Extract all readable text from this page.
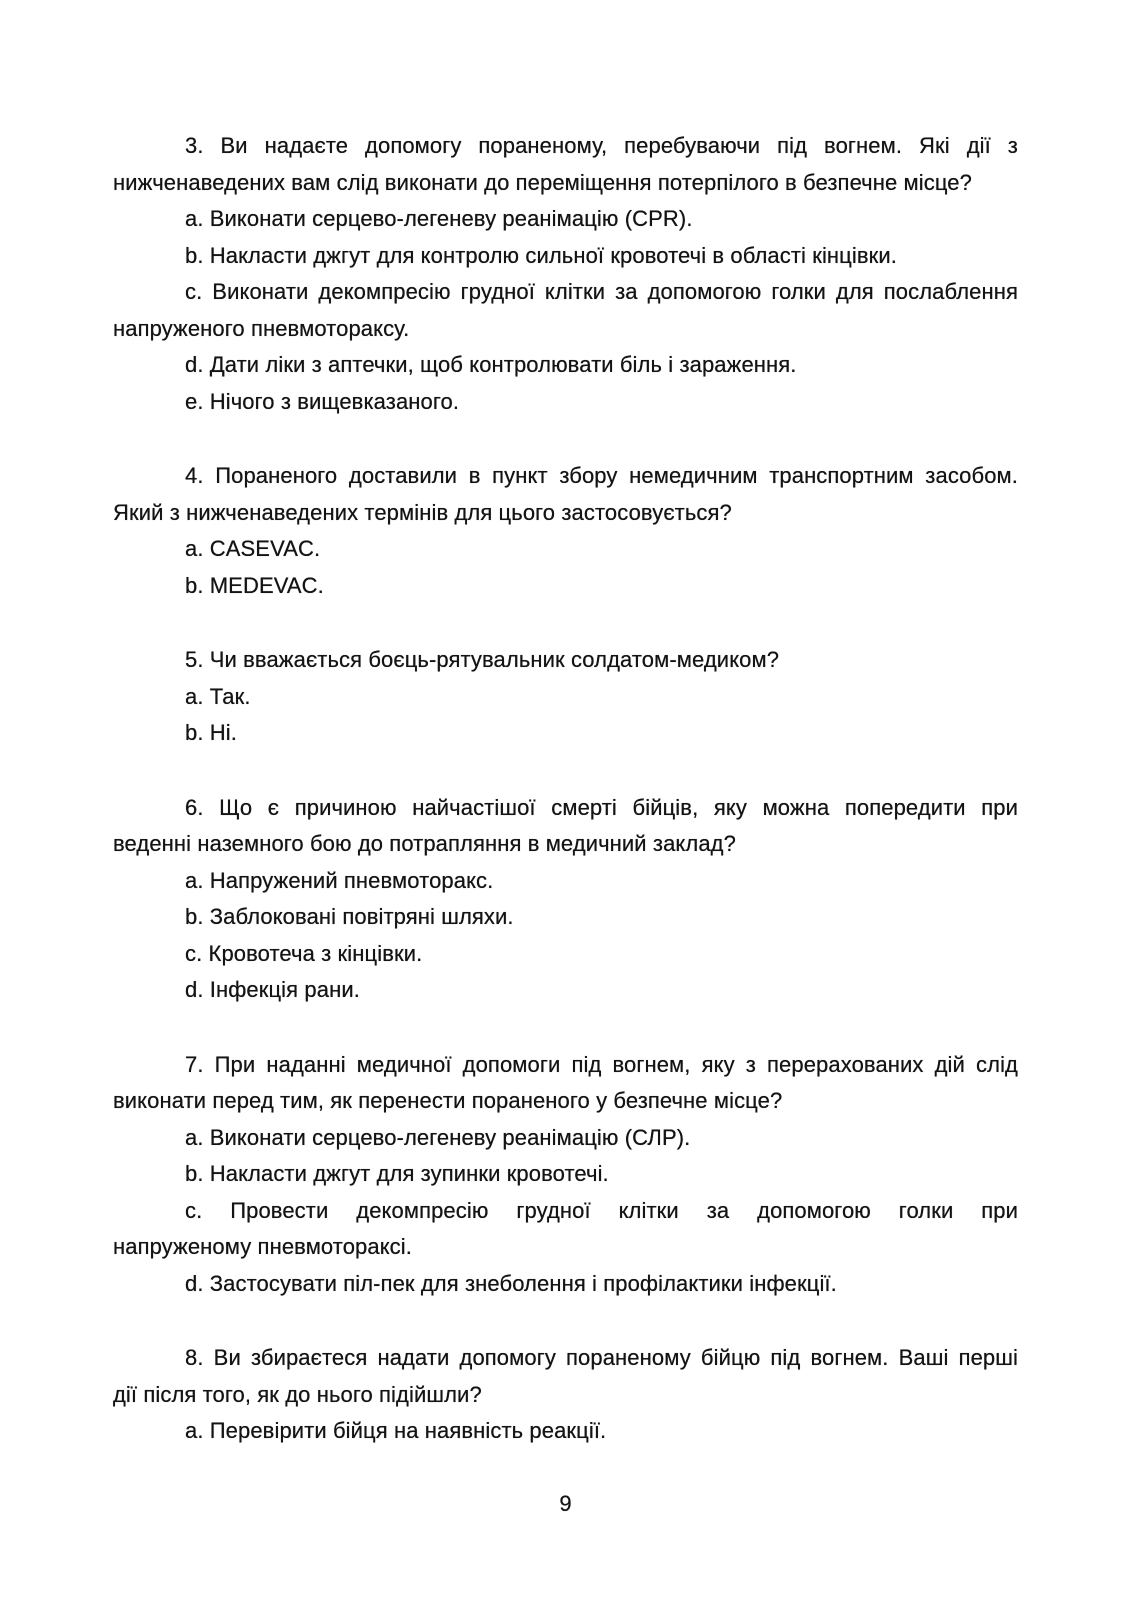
3. Ви надаєте допомогу пораненому, перебуваючи під вогнем. Які дії з
нижченаведених вам слід виконати до переміщення потерпілого в безпечне місце?
a. Виконати серцево-легеневу реанімацію (CPR).
b. Накласти джгут для контролю сильної кровотечі в області кінцівки.
c. Виконати декомпресію грудної клітки за допомогою голки для послаблення
напруженого пневмотораксу.
d. Дати ліки з аптечки, щоб контролювати біль і зараження.
e. Нічого з вищевказаного.
4. Пораненого доставили в пункт збору немедичним транспортним засобом.
Який з нижченаведених термінів для цього застосовується?
a. CASEVAC.
b. MEDEVAC.
5. Чи вважається боєць-рятувальник солдатом-медиком?
a. Так.
b. Ні.
6. Що є причиною найчастішої смерті бійців, яку можна попередити при
веденні наземного бою до потрапляння в медичний заклад?
a. Напружений пневмоторакс.
b. Заблоковані повітряні шляхи.
c. Кровотеча з кінцівки.
d. Інфекція рани.
7. При наданні медичної допомоги під вогнем, яку з перерахованих дій слід
виконати перед тим, як перенести пораненого у безпечне місце?
a. Виконати серцево-легеневу реанімацію (СЛР).
b. Накласти джгут для зупинки кровотечі.
c. Провести декомпресію грудної клітки за допомогою голки при
напруженому пневмотораксі.
d. Застосувати піл-пек для знеболення і профілактики інфекції.
8. Ви збираєтеся надати допомогу пораненому бійцю під вогнем. Ваші перші
дії після того, як до нього підійшли?
a. Перевірити бійця на наявність реакції.
9
